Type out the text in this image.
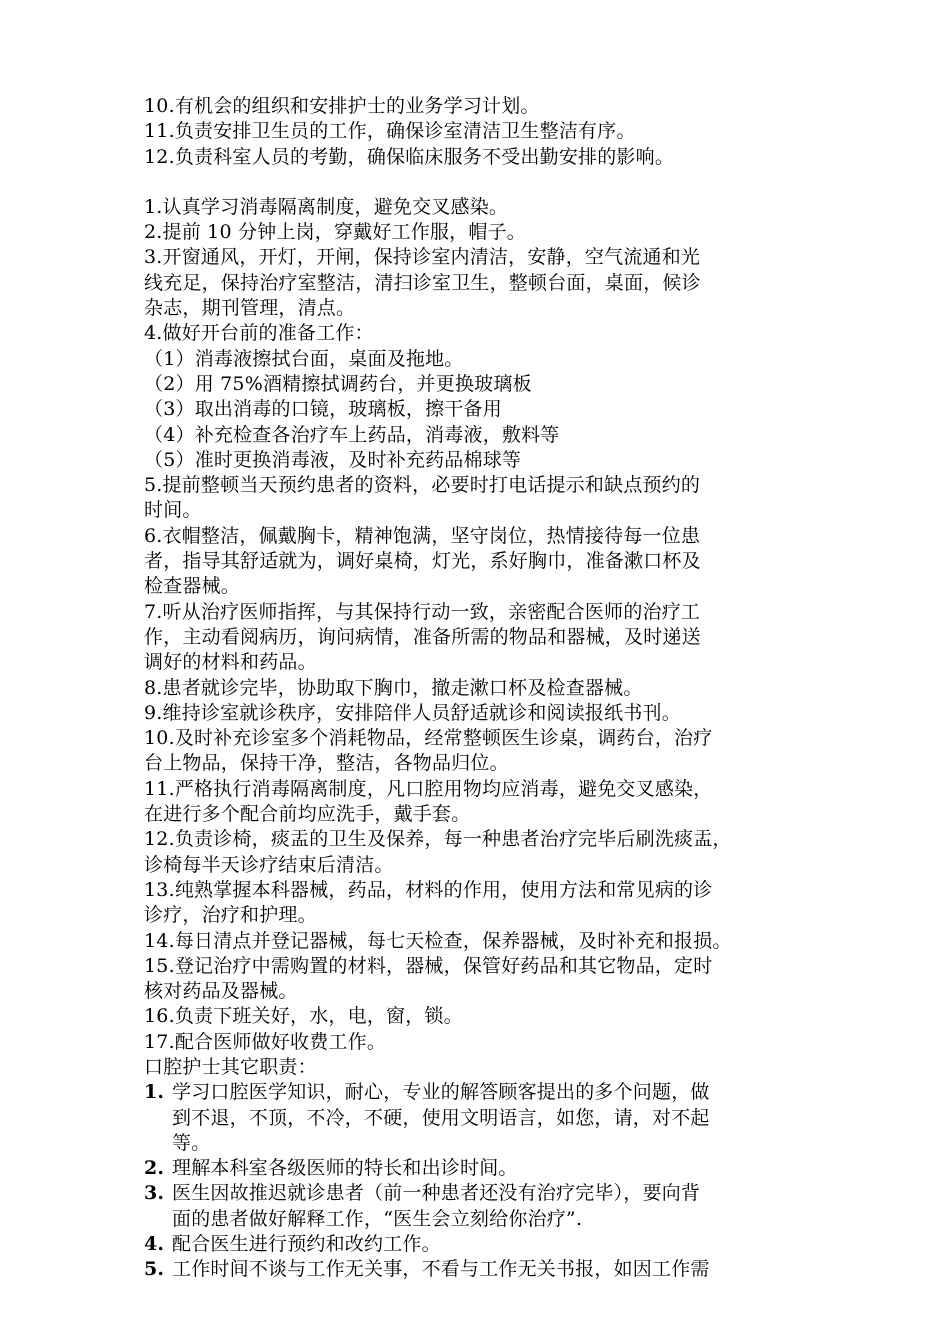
10.有机会的组织和安排护士的业务学习计划。

11.负责安排卫生员的工作，确保诊室清洁卫生整洁有序。

12.负责科室人员的考勤，确保临床服务不受出勤安排的影响。

1.认真学习消毒隔离制度，避免交叉感染。

2.提前 10 分钟上岗，穿戴好工作服，帽子。

3.开窗通风，开灯，开闸，保持诊室内清洁，安静，空气流通和光

线充足，保持治疗室整洁，清扫诊室卫生，整顿台面，桌面，候诊

杂志，期刊管理，清点。

4.做好开台前的准备工作：

（1）消毒液擦拭台面，桌面及拖地。

（2）用 75%酒精擦拭调药台，并更换玻璃板

（3）取出消毒的口镜，玻璃板，擦干备用

（4）补充检查各治疗车上药品，消毒液，敷料等

（5）准时更换消毒液，及时补充药品棉球等

5.提前整顿当天预约患者的资料，必要时打电话提示和缺点预约的

时间。

6.衣帽整洁，佩戴胸卡，精神饱满，坚守岗位，热情接待每一位患

者，指导其舒适就为，调好桌椅，灯光，系好胸巾，准备漱口杯及

检查器械。

7.听从治疗医师指挥，与其保持行动一致，亲密配合医师的治疗工

作，主动看阅病历，询问病情，准备所需的物品和器械，及时递送

调好的材料和药品。

8.患者就诊完毕，协助取下胸巾，撤走漱口杯及检查器械。

9.维持诊室就诊秩序，安排陪伴人员舒适就诊和阅读报纸书刊。

10.及时补充诊室多个消耗物品，经常整顿医生诊桌，调药台，治疗

台上物品，保持干净，整洁，各物品归位。

11.严格执行消毒隔离制度，凡口腔用物均应消毒，避免交叉感染，

在进行多个配合前均应洗手，戴手套。

12.负责诊椅，痰盂的卫生及保养，每一种患者治疗完毕后刷洗痰盂，

诊椅每半天诊疗结束后清洁。

13.纯熟掌握本科器械，药品，材料的作用，使用方法和常见病的诊

诊疗，治疗和护理。

14.每日清点并登记器械，每七天检查，保养器械，及时补充和报损。

15.登记治疗中需购置的材料，器械，保管好药品和其它物品，定时

核对药品及器械。

16.负责下班关好，水，电，窗，锁。

17.配合医师做好收费工作。

口腔护士其它职责：

1. 学习口腔医学知识，耐心，专业的解答顾客提出的多个问题，做

到不退，不顶，不冷，不硬，使用文明语言，如您，请，对不起

等。

2. 理解本科室各级医师的特长和出诊时间。

3. 医生因故推迟就诊患者（前一种患者还没有治疗完毕），要向背

面的患者做好解释工作，“医生会立刻给你治疗”.

4. 配合医生进行预约和改约工作。

5. 工作时间不谈与工作无关事，不看与工作无关书报，如因工作需
